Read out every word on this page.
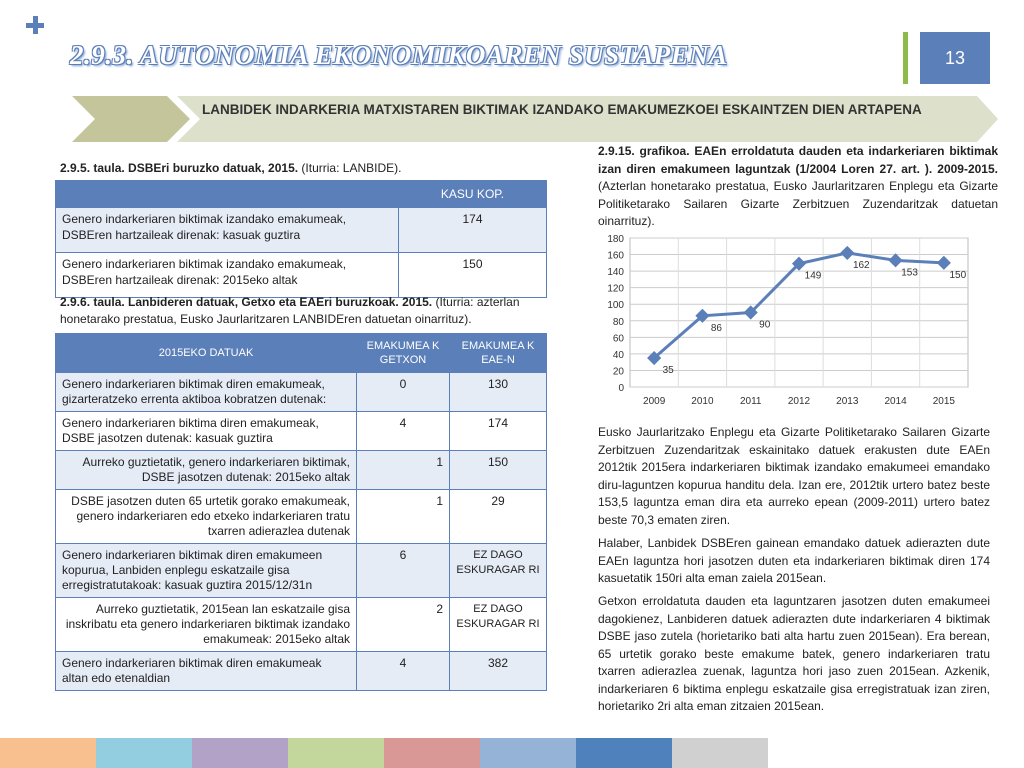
2.9.3. AUTONOMIA EKONOMIKOAREN SUSTAPENA	13
LANBIDEK INDARKERIA MATXISTAREN BIKTIMAK IZANDAKO EMAKUMEZKOEI ESKAINTZEN DIEN ARTAPENA
2.9.5. taula. DSBEri buruzko datuak, 2015. (Iturria: LANBIDE).
	KASU KOP.
Genero indarkeriaren biktimak izandako emakumeak, DSBEren hartzaileak direnak: kasuak guztira	174
Genero indarkeriaren biktimak izandako emakumeak, DSBEren hartzaileak direnak: 2015eko altak	150
2.9.6. taula. Lanbideren datuak, Getxo eta EAEri buruzkoak. 2015. (Iturria: azterlan honetarako prestatua, Eusko Jaurlaritzaren LANBIDEren datuetan oinarrituz).
2015EKO DATUAK	EMAKUMEA K GETXON	EMAKUMEA K EAE-N
Genero indarkeriaren biktimak diren emakumeak, gizarteratzeko errenta aktiboa kobratzen dutenak:	0	130
Genero indarkeriaren biktima diren emakumeak, DSBE jasotzen dutenak: kasuak guztira	4	174
Aurreko guztietatik, genero indarkeriaren biktimak, DSBE jasotzen dutenak: 2015eko altak	1	150
DSBE jasotzen duten 65 urtetik gorako emakumeak, genero indarkeriaren edo etxeko indarkeriaren tratu txarren adierazlea dutenak	1	29
Genero indarkeriaren biktimak diren emakumeen kopurua, Lanbiden enplegu eskatzaile gisa erregistratutakoak: kasuak guztira 2015/12/31n	6	EZ DAGO ESKURAGAR RI
Aurreko guztietatik, 2015ean lan eskatzaile gisa inskribatu eta genero indarkeriaren biktimak izandako emakumeak: 2015eko altak	2	EZ DAGO ESKURAGAR RI
Genero indarkeriaren biktimak diren emakumeak altan edo etenaldian	4	382
2.9.15. grafikoa. EAEn erroldatuta dauden eta indarkeriaren biktimak izan diren emakumeen laguntzak (1/2004 Loren 27. art. ). 2009-2015. (Azterlan honetarako prestatua, Eusko Jaurlaritzaren Enplegu eta Gizarte Politiketarako Sailaren Gizarte Zerbitzuen Zuzendaritzak datuetan oinarrituz).
0
20
40
60
80
100
120
140
160
180
2009	2010	2011	2012	2013	2014	2015
35
86	90
149
162
153	150
Eusko Jaurlaritzako Enplegu eta Gizarte Politiketarako Sailaren Gizarte Zerbitzuen Zuzendaritzak eskainitako datuek erakusten dute EAEn 2012tik 2015era indarkeriaren biktimak izandako emakumeei emandako diru-laguntzen kopurua handitu dela. Izan ere, 2012tik urtero batez beste 153,5 laguntza eman dira eta aurreko epean (2009-2011) urtero batez beste 70,3 ematen ziren.
Halaber, Lanbidek DSBEren gainean emandako datuek adierazten dute EAEn laguntza hori jasotzen duten eta indarkeriaren biktimak diren 174 kasuetatik 150ri alta eman zaiela 2015ean.
Getxon erroldatuta dauden eta laguntzaren jasotzen duten emakumeei dagokienez, Lanbideren datuek adierazten dute indarkeriaren 4 biktimak DSBE jaso zutela (horietariko bati alta hartu zuen 2015ean). Era berean, 65 urtetik gorako beste emakume batek, genero indarkeriaren tratu txarren adierazlea zuenak, laguntza hori jaso zuen 2015ean. Azkenik, indarkeriaren 6 biktima enplegu eskatzaile gisa erregistratuak izan ziren, horietariko 2ri alta eman zitzaien 2015ean.
